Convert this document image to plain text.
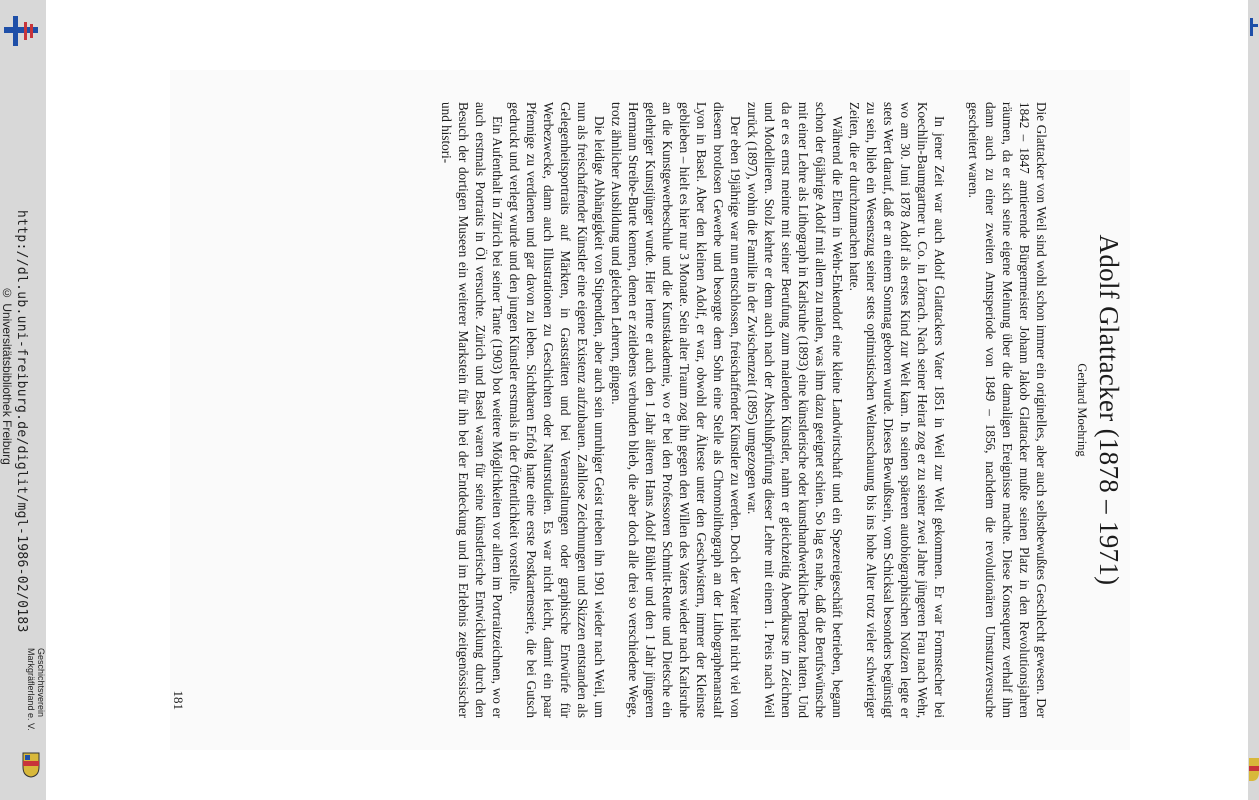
http://dl.ub.uni-freiburg.de/diglit/mgl-1986-02/0183
© Universitätsbibliothek Freiburg
Geschichtsverein
Markgräflerland e. V.
Adolf Glattacker (1878 – 1971)
Gerhard Moehring

Die Glattacker von Weil sind wohl schon immer ein originelles, aber auch selbstbewußtes Geschlecht gewesen. Der 1842 – 1847 amtierende Bürgermeister Johann Jakob Glattacker mußte seinen Platz in den Revolutionsjahren räumen, da er sich seine eigene Meinung über die damaligen Ereignisse machte. Diese Konsequenz verhalf ihm dann auch zu einer zweiten Amtsperiode von 1849 – 1856, nachdem die revolutionären Umsturzversuche gescheitert waren.

In jener Zeit war auch Adolf Glattackers Vater 1851 in Weil zur Welt gekommen. Er war Formstecher bei Koechlin-Baumgartner u. Co. in Lörrach. Nach seiner Heirat zog er zu seiner zwei Jahre jüngeren Frau nach Wehr, wo am 30. Juni 1878 Adolf als erstes Kind zur Welt kam. In seinen späteren autobiographischen Notizen legte er stets Wert darauf, daß er an einem Sonntag geboren wurde. Dieses Bewußtsein, vom Schicksal besonders begünstigt zu sein, blieb ein Wesenszug seiner stets optimistischen Weltanschauung bis ins hohe Alter trotz vieler schwieriger Zeiten, die er durchzumachen hatte.

Während die Eltern in Wehr-Enkendorf eine kleine Landwirtschaft und ein Spezereigeschäft betrieben, begann schon der 6jährige Adolf mit allem zu malen, was ihm dazu geeignet schien. So lag es nahe, daß die Berufswünsche mit einer Lehre als Lithograph in Karlsruhe (1893) eine künstlerische oder kunsthandwerkliche Tendenz hatten. Und da er es ernst meinte mit seiner Berufung zum malenden Künstler, nahm er gleichzeitig Abendkurse im Zeichnen und Modellieren. Stolz kehrte er denn auch nach der Abschlußprüfung dieser Lehre mit einem 1. Preis nach Weil zurück (1897), wohin die Familie in der Zwischenzeit (1895) umgezogen war.

Der eben 19jährige war nun entschlossen, freischaffender Künstler zu werden. Doch der Vater hielt nicht viel von diesem brotlosen Gewerbe und besorgte dem Sohn eine Stelle als Chromolithograph an der Lithographenanstalt Lyon in Basel. Aber den kleinen Adolf, er war, obwohl der Älteste unter den Geschwistern, immer der Kleinste geblieben – hielt es hier nur 3 Monate. Sein alter Traum zog ihn gegen den Willen des Vaters wieder nach Karlsruhe an die Kunstgewerbeschule und die Kunstakademie, wo er bei den Professoren Schmitt-Reutte und Dietsche ein gelehriger Kunstjünger wurde. Hier lernte er auch den 1 Jahr älteren Hans Adolf Bühler und den 1 Jahr jüngeren Hermann Streibe-Burte kennen, denen er zeitlebens verbunden blieb, die aber doch alle drei so verschiedene Wege, trotz ähnlicher Ausbildung und gleichen Lehrern, gingen.

Die leidige Abhängigkeit von Stipendien, aber auch sein unruhiger Geist trieben ihn 1901 wieder nach Weil, um nun als freischaffender Künstler eine eigene Existenz aufzubauen. Zahllose Zeichnungen und Skizzen entstanden als Gelegenheitsportraits auf Märkten, in Gaststätten und bei Veranstaltungen oder graphische Entwürfe für Werbezwecke, dann auch Illustrationen zu Geschichten oder Naturstudien. Es war nicht leicht, damit ein paar Pfennige zu verdienen und gar davon zu leben. Sichtbaren Erfolg hatte eine erste Postkartenserie, die bei Gutsch gedruckt und verlegt wurde und den jungen Künstler erstmals in der Öffentlichkeit vorstellte.

Ein Aufenthalt in Zürich bei seiner Tante (1903) bot weitere Möglichkeiten vor allem im Portraitzeichnen, wo er auch erstmals Portraits in Öl versuchte. Zürich und Basel waren für seine künstlerische Entwicklung durch den Besuch der dortigen Museen ein weiterer Markstein für ihn bei der Entdeckung und im Erlebnis zeitgenössischer und histori-

181
